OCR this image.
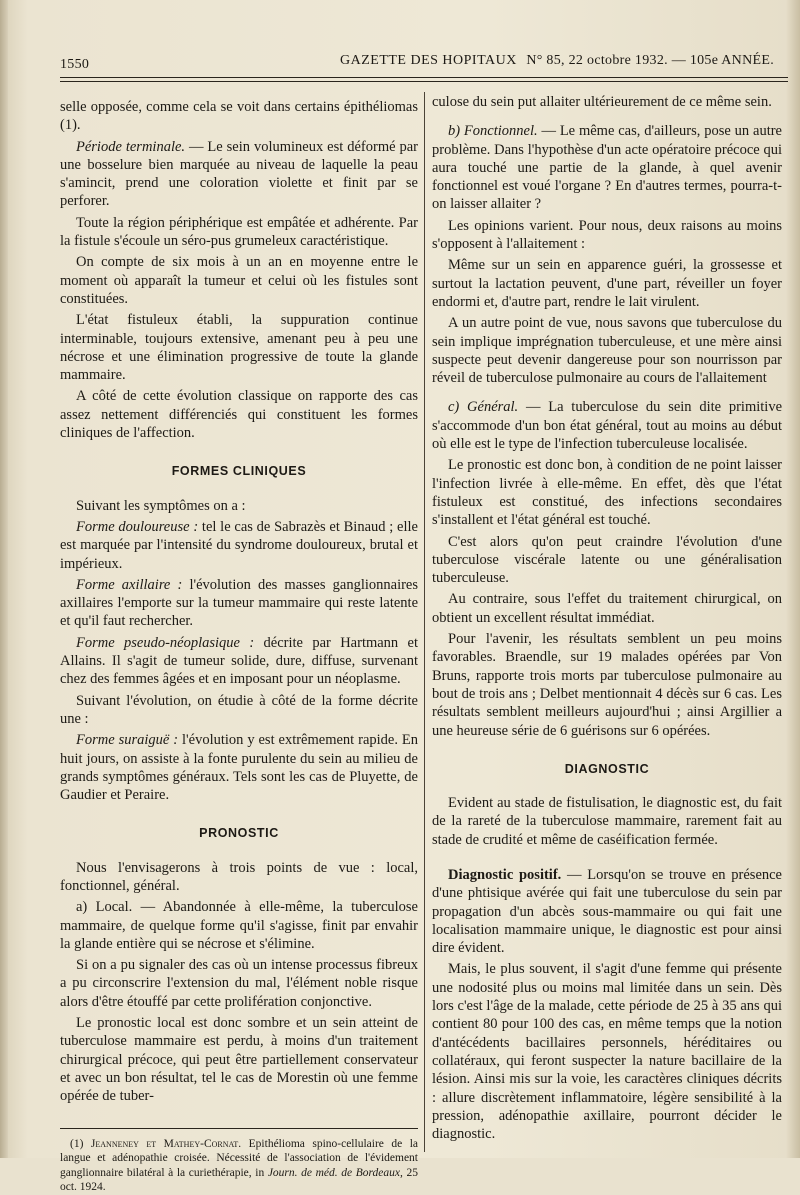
1550	GAZETTE DES HOPITAUX N° 85, 22 octobre 1932. — 105e ANNÉE.

selle opposée, comme cela se voit dans certains épithéliomas (1).

Période terminale. — Le sein volumineux est déformé par une bosselure bien marquée au niveau de laquelle la peau s'amincit, prend une coloration violette et finit par se perforer.

Toute la région périphérique est empâtée et adhérente. Par la fistule s'écoule un séro-pus grumeleux caractéristique.

On compte de six mois à un an en moyenne entre le moment où apparaît la tumeur et celui où les fistules sont constituées.

L'état fistuleux établi, la suppuration continue interminable, toujours extensive, amenant peu à peu une nécrose et une élimination progressive de toute la glande mammaire.

A côté de cette évolution classique on rapporte des cas assez nettement différenciés qui constituent les formes cliniques de l'affection.

FORMES CLINIQUES

Suivant les symptômes on a :

Forme douloureuse : tel le cas de Sabrazès et Binaud ; elle est marquée par l'intensité du syndrome douloureux, brutal et impérieux.

Forme axillaire : l'évolution des masses ganglionnaires axillaires l'emporte sur la tumeur mammaire qui reste latente et qu'il faut rechercher.

Forme pseudo-néoplasique : décrite par Hartmann et Allains. Il s'agit de tumeur solide, dure, diffuse, survenant chez des femmes âgées et en imposant pour un néoplasme.

Suivant l'évolution, on étudie à côté de la forme décrite une :

Forme suraiguë : l'évolution y est extrêmement rapide. En huit jours, on assiste à la fonte purulente du sein au milieu de grands symptômes généraux. Tels sont les cas de Pluyette, de Gaudier et Peraire.

PRONOSTIC

Nous l'envisagerons à trois points de vue : local, fonctionnel, général.

a) Local. — Abandonnée à elle-même, la tuberculose mammaire, de quelque forme qu'il s'agisse, finit par envahir la glande entière qui se nécrose et s'élimine.

Si on a pu signaler des cas où un intense processus fibreux a pu circonscrire l'extension du mal, l'élément noble risque alors d'être étouffé par cette prolifération conjonctive.

Le pronostic local est donc sombre et un sein atteint de tuberculose mammaire est perdu, à moins d'un traitement chirurgical précoce, qui peut être partiellement conservateur et avec un bon résultat, tel le cas de Morestin où une femme opérée de tuber-

(1) Jeanneney et Mathey-Cornat. Epithélioma spino-cellulaire de la langue et adénopathie croisée. Nécessité de l'association de l'évidement ganglionnaire bilatéral à la curiethérapie, in Journ. de méd. de Bordeaux, 25 oct. 1924.

culose du sein put allaiter ultérieurement de ce même sein.

b) Fonctionnel. — Le même cas, d'ailleurs, pose un autre problème. Dans l'hypothèse d'un acte opératoire précoce qui aura touché une partie de la glande, à quel avenir fonctionnel est voué l'organe ? En d'autres termes, pourra-t-on laisser allaiter ?

Les opinions varient. Pour nous, deux raisons au moins s'opposent à l'allaitement :

Même sur un sein en apparence guéri, la grossesse et surtout la lactation peuvent, d'une part, réveiller un foyer endormi et, d'autre part, rendre le lait virulent.

A un autre point de vue, nous savons que tuberculose du sein implique imprégnation tuberculeuse, et une mère ainsi suspecte peut devenir dangereuse pour son nourrisson par réveil de tuberculose pulmonaire au cours de l'allaitement

c) Général. — La tuberculose du sein dite primitive s'accommode d'un bon état général, tout au moins au début où elle est le type de l'infection tuberculeuse localisée.

Le pronostic est donc bon, à condition de ne point laisser l'infection livrée à elle-même. En effet, dès que l'état fistuleux est constitué, des infections secondaires s'installent et l'état général est touché.

C'est alors qu'on peut craindre l'évolution d'une tuberculose viscérale latente ou une généralisation tuberculeuse.

Au contraire, sous l'effet du traitement chirurgical, on obtient un excellent résultat immédiat.

Pour l'avenir, les résultats semblent un peu moins favorables. Braendle, sur 19 malades opérées par Von Bruns, rapporte trois morts par tuberculose pulmonaire au bout de trois ans ; Delbet mentionnait 4 décès sur 6 cas. Les résultats semblent meilleurs aujourd'hui ; ainsi Argillier a une heureuse série de 6 guérisons sur 6 opérées.

DIAGNOSTIC

Evident au stade de fistulisation, le diagnostic est, du fait de la rareté de la tuberculose mammaire, rarement fait au stade de crudité et même de caséification fermée.

Diagnostic positif. — Lorsqu'on se trouve en présence d'une phtisique avérée qui fait une tuberculose du sein par propagation d'un abcès sous-mammaire ou qui fait une localisation mammaire unique, le diagnostic est pour ainsi dire évident.

Mais, le plus souvent, il s'agit d'une femme qui présente une nodosité plus ou moins mal limitée dans un sein. Dès lors c'est l'âge de la malade, cette période de 25 à 35 ans qui contient 80 pour 100 des cas, en même temps que la notion d'antécédents bacillaires personnels, héréditaires ou collatéraux, qui feront suspecter la nature bacillaire de la lésion. Ainsi mis sur la voie, les caractères cliniques décrits : allure discrètement inflammatoire, légère sensibilité à la pression, adénopathie axillaire, pourront décider le diagnostic.
